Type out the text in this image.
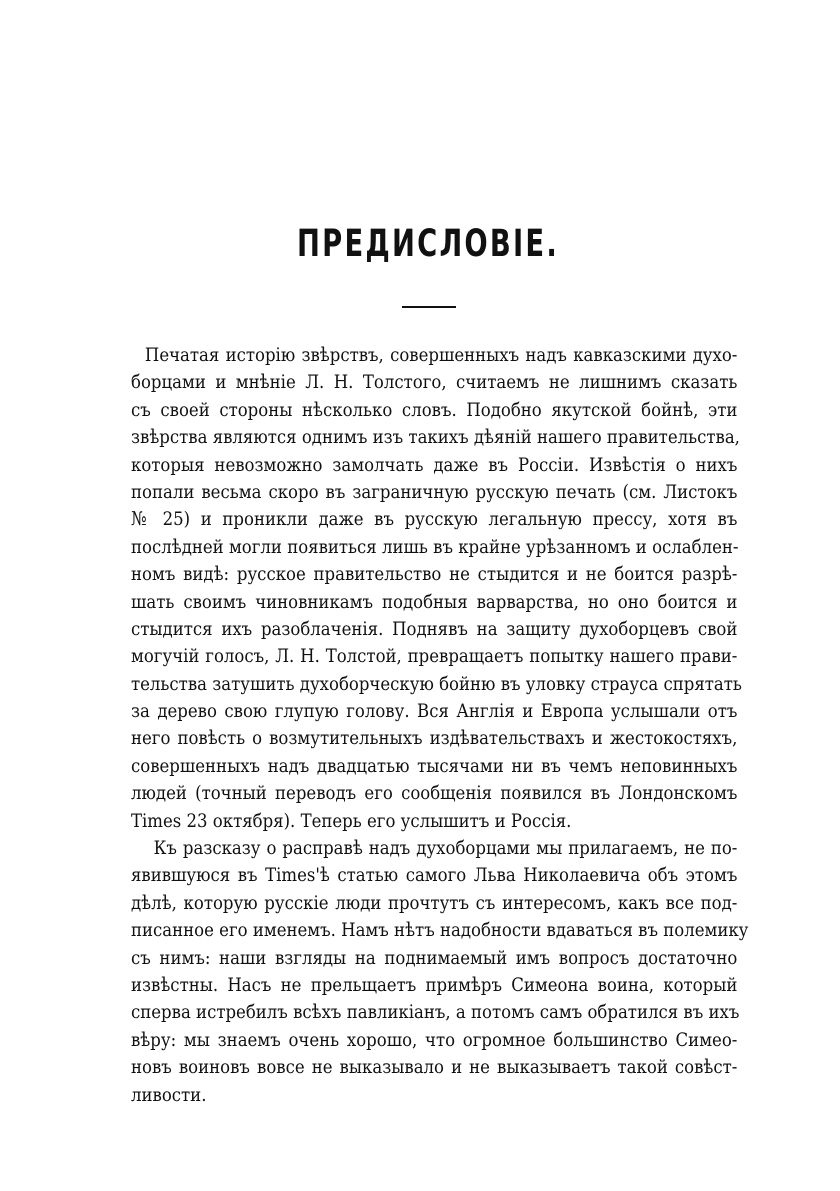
ПРЕДИСЛОВІЕ.
Печатая исторію звѣрствъ, совершенныхъ надъ кавказскими духо-
борцами и мнѣніе Л. Н. Толстого, считаемъ не лишнимъ сказать
съ своей стороны нѣсколько словъ. Подобно якутской бойнѣ, эти
звѣрства являются однимъ изъ такихъ дѣяній нашего правительства,
которыя невозможно замолчать даже въ Россіи. Извѣстія о нихъ
попали весьма скоро въ заграничную русскую печать (см. Листокъ
№ 25) и проникли даже въ русскую легальную прессу, хотя въ
послѣдней могли появиться лишь въ крайне урѣзанномъ и ослаблен-
номъ видѣ: русское правительство не стыдится и не боится разрѣ-
шать своимъ чиновникамъ подобныя варварства, но оно боится и
стыдится ихъ разоблаченія. Поднявъ на защиту духоборцевъ свой
могучій голосъ, Л. Н. Толстой, превращаетъ попытку нашего прави-
тельства затушить духоборческую бойню въ уловку страуса спрятать
за дерево свою глупую голову. Вся Англія и Европа услышали отъ
него повѣсть о возмутительныхъ издѣвательствахъ и жестокостяхъ,
совершенныхъ надъ двадцатью тысячами ни въ чемъ неповинныхъ
людей (точный переводъ его сообщенія появился въ Лондонскомъ
Times 23 октября). Теперь его услышитъ и Россія.
Къ разсказу о расправѣ надъ духоборцами мы прилагаемъ, не по-
явившуюся въ Times'ѣ статью самого Льва Николаевича объ этомъ
дѣлѣ, которую русскіе люди прочтутъ съ интересомъ, какъ все под-
писанное его именемъ. Намъ нѣтъ надобности вдаваться въ полемику
съ нимъ: наши взгляды на поднимаемый имъ вопросъ достаточно
извѣстны. Насъ не прельщаетъ примѣръ Симеона воина, который
сперва истребилъ всѣхъ павликіанъ, а потомъ самъ обратился въ ихъ
вѣру: мы знаемъ очень хорошо, что огромное большинство Симео-
новъ воиновъ вовсе не выказывало и не выказываетъ такой совѣст-
ливости.
